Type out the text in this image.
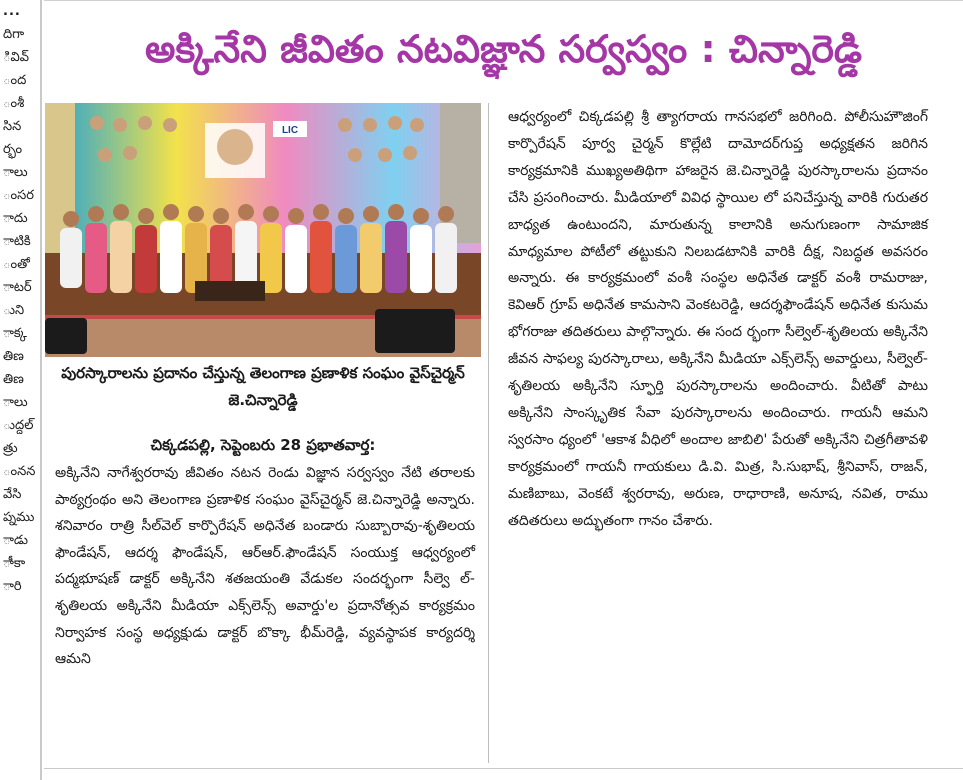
...
దిగా
ివివ్
ంద
ంశీ
సిన
ర్భం
ాలు
ంసర
ాదు
ాటికి
ంతో
ాటర్
ుని
ాక్క
తిణ
తిణ
ాలు
ుద్దల్
త్రు
ంనన
వేసి
ప్నము
ాడు
ాీకా
ారి
అక్కినేని జీవితం నటవిజ్ఞాన సర్వస్వం : చిన్నారెడ్డి
LIC
పురస్కారాలను ప్రదానం చేస్తున్న తెలంగాణ ప్రణాళిక సంఘం వైస్‌చైర్మన్ జె.చిన్నారెడ్డి
చిక్కడపల్లి, సెప్టెంబరు 28 ప్రభాతవార్త:

అక్కినేని నాగేశ్వరరావు జీవితం నటన రెండు విజ్ఞాన సర్వస్వం నేటి తరాలకు పాఠ్యగ్రంథం అని తెలంగాణ ప్రణాళిక సంఘం వైస్‌చైర్మన్ జె.చిన్నారెడ్డి అన్నారు. శనివారం రాత్రి సీల్‌వెల్ కార్పొరేషన్ అధినేత బండారు సుబ్బారావు-శృతిలయ ఫౌండేషన్, ఆదర్శ ఫౌండేషన్, ఆర్ఆర్.ఫౌండేషన్ సంయుక్త ఆధ్వర్యంలో పద్మభూషణ్ డాక్టర్ అక్కినేని శతజయంతి వేడుకల సందర్భంగా సీల్వె ల్-శృతిలయ అక్కినేని మీడియా ఎక్స్‌లెన్స్ అవార్డు'ల ప్రదానోత్సవ కార్యక్రమం నిర్వాహక సంస్థ అధ్యక్షుడు డాక్టర్ బొక్కా భీమ్‌రెడ్డి, వ్యవస్థాపక కార్యదర్శి ఆమని

ఆధ్వర్యంలో చిక్కడపల్లి శ్రీ త్యాగరాయ గానసభలో జరిగింది. పోలీసుహౌజింగ్ కార్పొరేషన్ పూర్వ చైర్మన్ కొల్లేటి దామోదర్‌గుప్త అధ్యక్షతన జరిగిన కార్యక్రమానికి ముఖ్యఅతిథిగా హాజరైన జె.చిన్నారెడ్డి పురస్కారాలను ప్రదానం చేసి ప్రసంగించారు. మీడియాలో వివిధ స్థాయిల లో పనిచేస్తున్న వారికి గురుతర బాధ్యత ఉంటుందని, మారుతున్న కాలానికి అనుగుణంగా సామాజిక మాధ్యమాల పోటీలో తట్టుకుని నిలబడటానికి వారికి దీక్ష, నిబద్ధత అవసరం అన్నారు. ఈ కార్యక్రమంలో వంశీ సంస్థల అధినేత డాక్టర్ వంశీ రామరాజు, కెవిఆర్ గ్రూప్ అధినేత కామసాని వెంకటరెడ్డి, ఆదర్శఫౌండేషన్ అధినేత కుసుమ భోగరాజు తదితరులు పాల్గొన్నారు. ఈ సంద ర్భంగా సీల్వెల్-శృతిలయ అక్కినేని జీవన సాఫల్య పురస్కారాలు, అక్కినేని మీడియా ఎక్స్‌లెన్స్ అవార్డులు, సీల్వెల్-శృతిలయ అక్కినేని స్ఫూర్తి పురస్కారాలను అందించారు. వీటితో పాటు అక్కినేని సాంస్కృతిక సేవా పురస్కారాలను అందించారు. గాయనీ ఆమని స్వరసాం ధ్యంలో 'ఆకాశ వీధిలో అందాల జాబిలి' పేరుతో అక్కినేని చిత్రగీతావళి కార్యక్రమంలో గాయనీ గాయకులు డి.వి. మిత్ర, సి.సుభాష్, శ్రీనివాస్, రాజన్, మణిబాబు, వెంకటే శ్వరరావు, అరుణ, రాధారాణి, అనూష, నవిత, రాము తదితరులు అద్భుతంగా గానం చేశారు.
